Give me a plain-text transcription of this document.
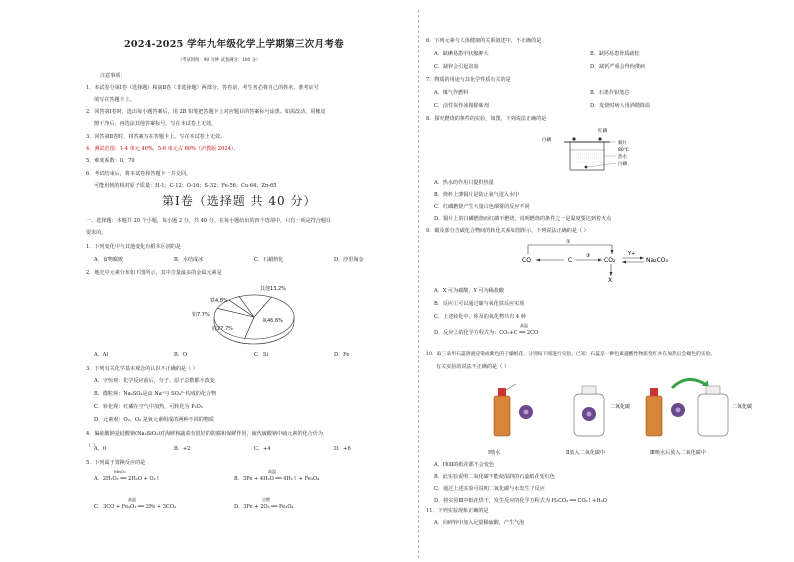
2024-2025 学年九年级化学上学期第三次月考卷
（考试时间：90 分钟 试卷满分：100 分）
注意事项：
1．本试卷分第Ⅰ卷（选择题）和第Ⅱ卷（非选择题）两部分。答卷前，考生务必将自己的姓名、准考证号
填写在答题卡上。
2．回答第Ⅰ卷时，选出每小题答案后，用 2B 铅笔把答题卡上对应题目的答案标号涂黑。如需改动，用橡皮
擦干净后，再选涂其他答案标号。写在本试卷上无效。
3．回答第Ⅱ卷时，将答案写在答题卡上。写在本试卷上无效。
4．测试范围：1-4 单元 40%，5-6 单元占 60%（沪教版 2024）。
5．难度系数：0．70
6．考试结束后，将本试卷和答题卡一并交回。
可能用到的相对原子质量：H-1；C-12；O-16；S-32；Fe-56；Cu-64；Zn-65
第Ⅰ卷（选择题 共 40 分）
一、选择题：本题共 20 个小题，每小题 2 分，共 40 分。在每小题给出的四个选项中，只有一项是符合题目
要求的。
1．下列变化中与其他变化有根本区别的是
A．食物腐败	B．水结成冰	C．石蜡熔化	D．沙里淘金
2．地壳中元素分布如下图所示，其中含量最多的金属元素是
氧46.6%
硅27.7%
铝7.7%
铁4.8%
其他13.2%
A．Al	B．O	C．Si	D．Fe
3．下列有关化学基本观念的认识不正确的是（ ）
A．守恒观：化学反应前后，分子、原子总数都不改变
B．微粒观：Na₂SO₄是由 Na⁺与 SO₄²⁻构成的化合物
C．转化观：红磷在空气中加热，可转化为 P₂O₅
D．元素观：O₂、O₃ 是氧元素组成的两种不同的物质
4．偏硅酸钠是硅酸钠(Na₂SiO₃)对海鲜和蔬菜有很好的防腐和保鲜作用，硫代硫酸钠中硫元素的化合价为
（ ）
A．0	B．+2	C．+4	D．+6
5．下列属于置换反应的是
MnO₂
A．2H₂O₂ ══ 2H₂O + O₂↑
高温
B．3Fe + 4H₂O ══ 4H₂↑ + Fe₃O₄
高温
C．3CO + Fe₂O₃ ══ 2Fe + 3CO₂
点燃
D．3Fe + 2O₂ ══ Fe₃O₄
6．下列元素与人体健康的关系叙述中，不正确的是
A．缺碘易患甲状腺肿大	B．缺钙易患骨质疏松
C．缺锌会引起贫血	D．缺钙严重会得佝偻病
7．物质的用途与其化学性质有关的是
A．煤气作燃料	B．石墨作铅笔芯
C．活性炭作冰箱除味剂	D．发烧时病人用酒精降温
8．探究燃烧的条件的实验，如图，下列说法正确的是
白磷
红磷
铜片
80℃
热水
白磷
A．热水的作用只提供热量
B．烧杯上薄铜片是防止氧气进入水中
C．红磷燃烧产生大量白色烟雾的反应不同
D．铜片上的白磷燃烧而红磷不燃烧，说明燃烧的条件之一是温度要达到着火点
9．碳及部分含碳化合物间的转化关系如图所示，下列说法正确的是（ ）
CO	C	CO₂	Na₂CO₃
X
①
③	Y+
A．X 可为碳酸，Y 可为稀盐酸
B．反应①可以通过碳与氧化铁反应实现
C．上述转化中，涉及的氧化物共有 4 种
高温
D．反应②的化学方程式为：CO₂+C ══ 2CO
10．取三朵用石蕊溶液浸染成紫色的干燥纸花，分别按下图进行实验。已知：石蕊是一种色素遇酸性物质变红并在加热后会褪色的实验。
有关实验的说法不正确的是（ ）
二氧化碳	二氧化碳
Ⅰ喷水	Ⅱ放入二氧化碳中	Ⅲ喷水后放入二氧化碳中
A．Ⅰ和Ⅱ的纸花都不会变色
B．此实验说明二氧化碳不能使湿润的石蕊纸花变红色
C．通过上述实验可说明二氧化碳与水发生了反应
D．将实验Ⅲ中纸花烘干，发生反应的化学方程式为 H₂CO₃ ══ CO₂↑+H₂O
11．下列实验现象正确的是
A．向碎锌中加入足量稀硫酸，产生气泡
